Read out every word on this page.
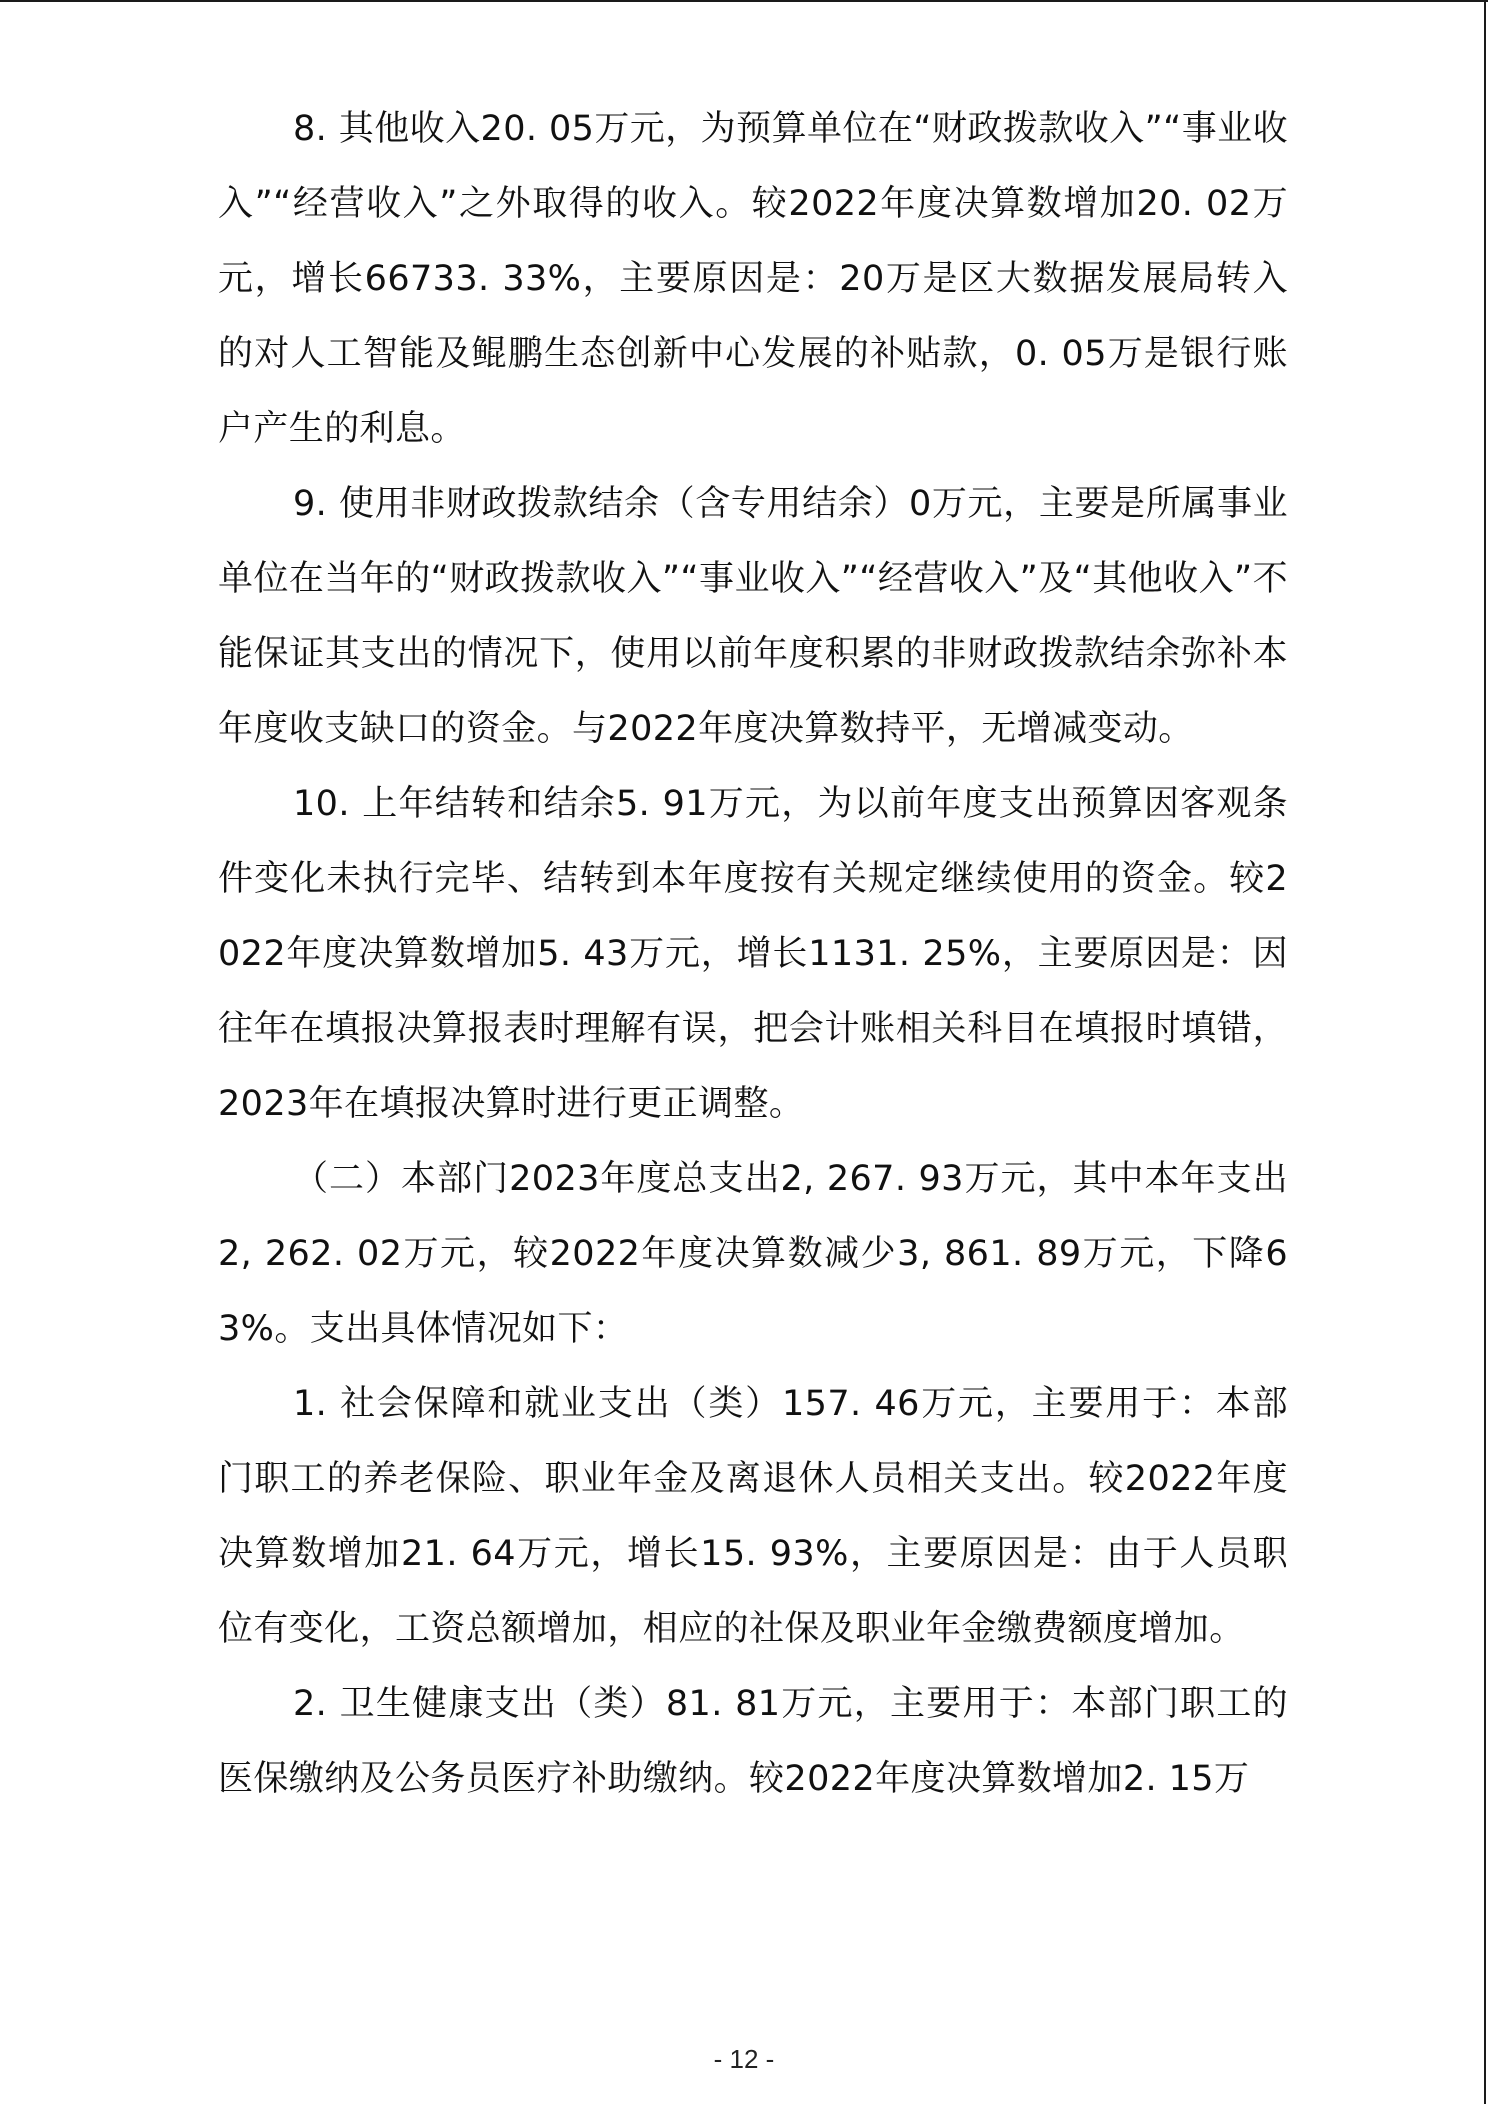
8. 其他收入20. 05万元，为预算单位在“财政拨款收入”“事业收入”“经营收入”之外取得的收入。较2022年度决算数增加20. 02万元，增长66733. 33%，主要原因是：20万是区大数据发展局转入的对人工智能及鲲鹏生态创新中心发展的补贴款，0. 05万是银行账户产生的利息。

9. 使用非财政拨款结余（含专用结余）0万元，主要是所属事业单位在当年的“财政拨款收入”“事业收入”“经营收入”及“其他收入”不能保证其支出的情况下，使用以前年度积累的非财政拨款结余弥补本年度收支缺口的资金。与2022年度决算数持平，无增减变动。

10. 上年结转和结余5. 91万元，为以前年度支出预算因客观条件变化未执行完毕、结转到本年度按有关规定继续使用的资金。较2022年度决算数增加5. 43万元，增长1131. 25%，主要原因是：因往年在填报决算报表时理解有误，把会计账相关科目在填报时填错，2023年在填报决算时进行更正调整。

（二）本部门2023年度总支出2, 267. 93万元，其中本年支出2, 262. 02万元，较2022年度决算数减少3, 861. 89万元，下降63%。支出具体情况如下：

1. 社会保障和就业支出（类）157. 46万元，主要用于：本部门职工的养老保险、职业年金及离退休人员相关支出。较2022年度决算数增加21. 64万元，增长15. 93%，主要原因是：由于人员职位有变化，工资总额增加，相应的社保及职业年金缴费额度增加。

2. 卫生健康支出（类）81. 81万元，主要用于：本部门职工的医保缴纳及公务员医疗补助缴纳。较2022年度决算数增加2. 15万

- 12 -
